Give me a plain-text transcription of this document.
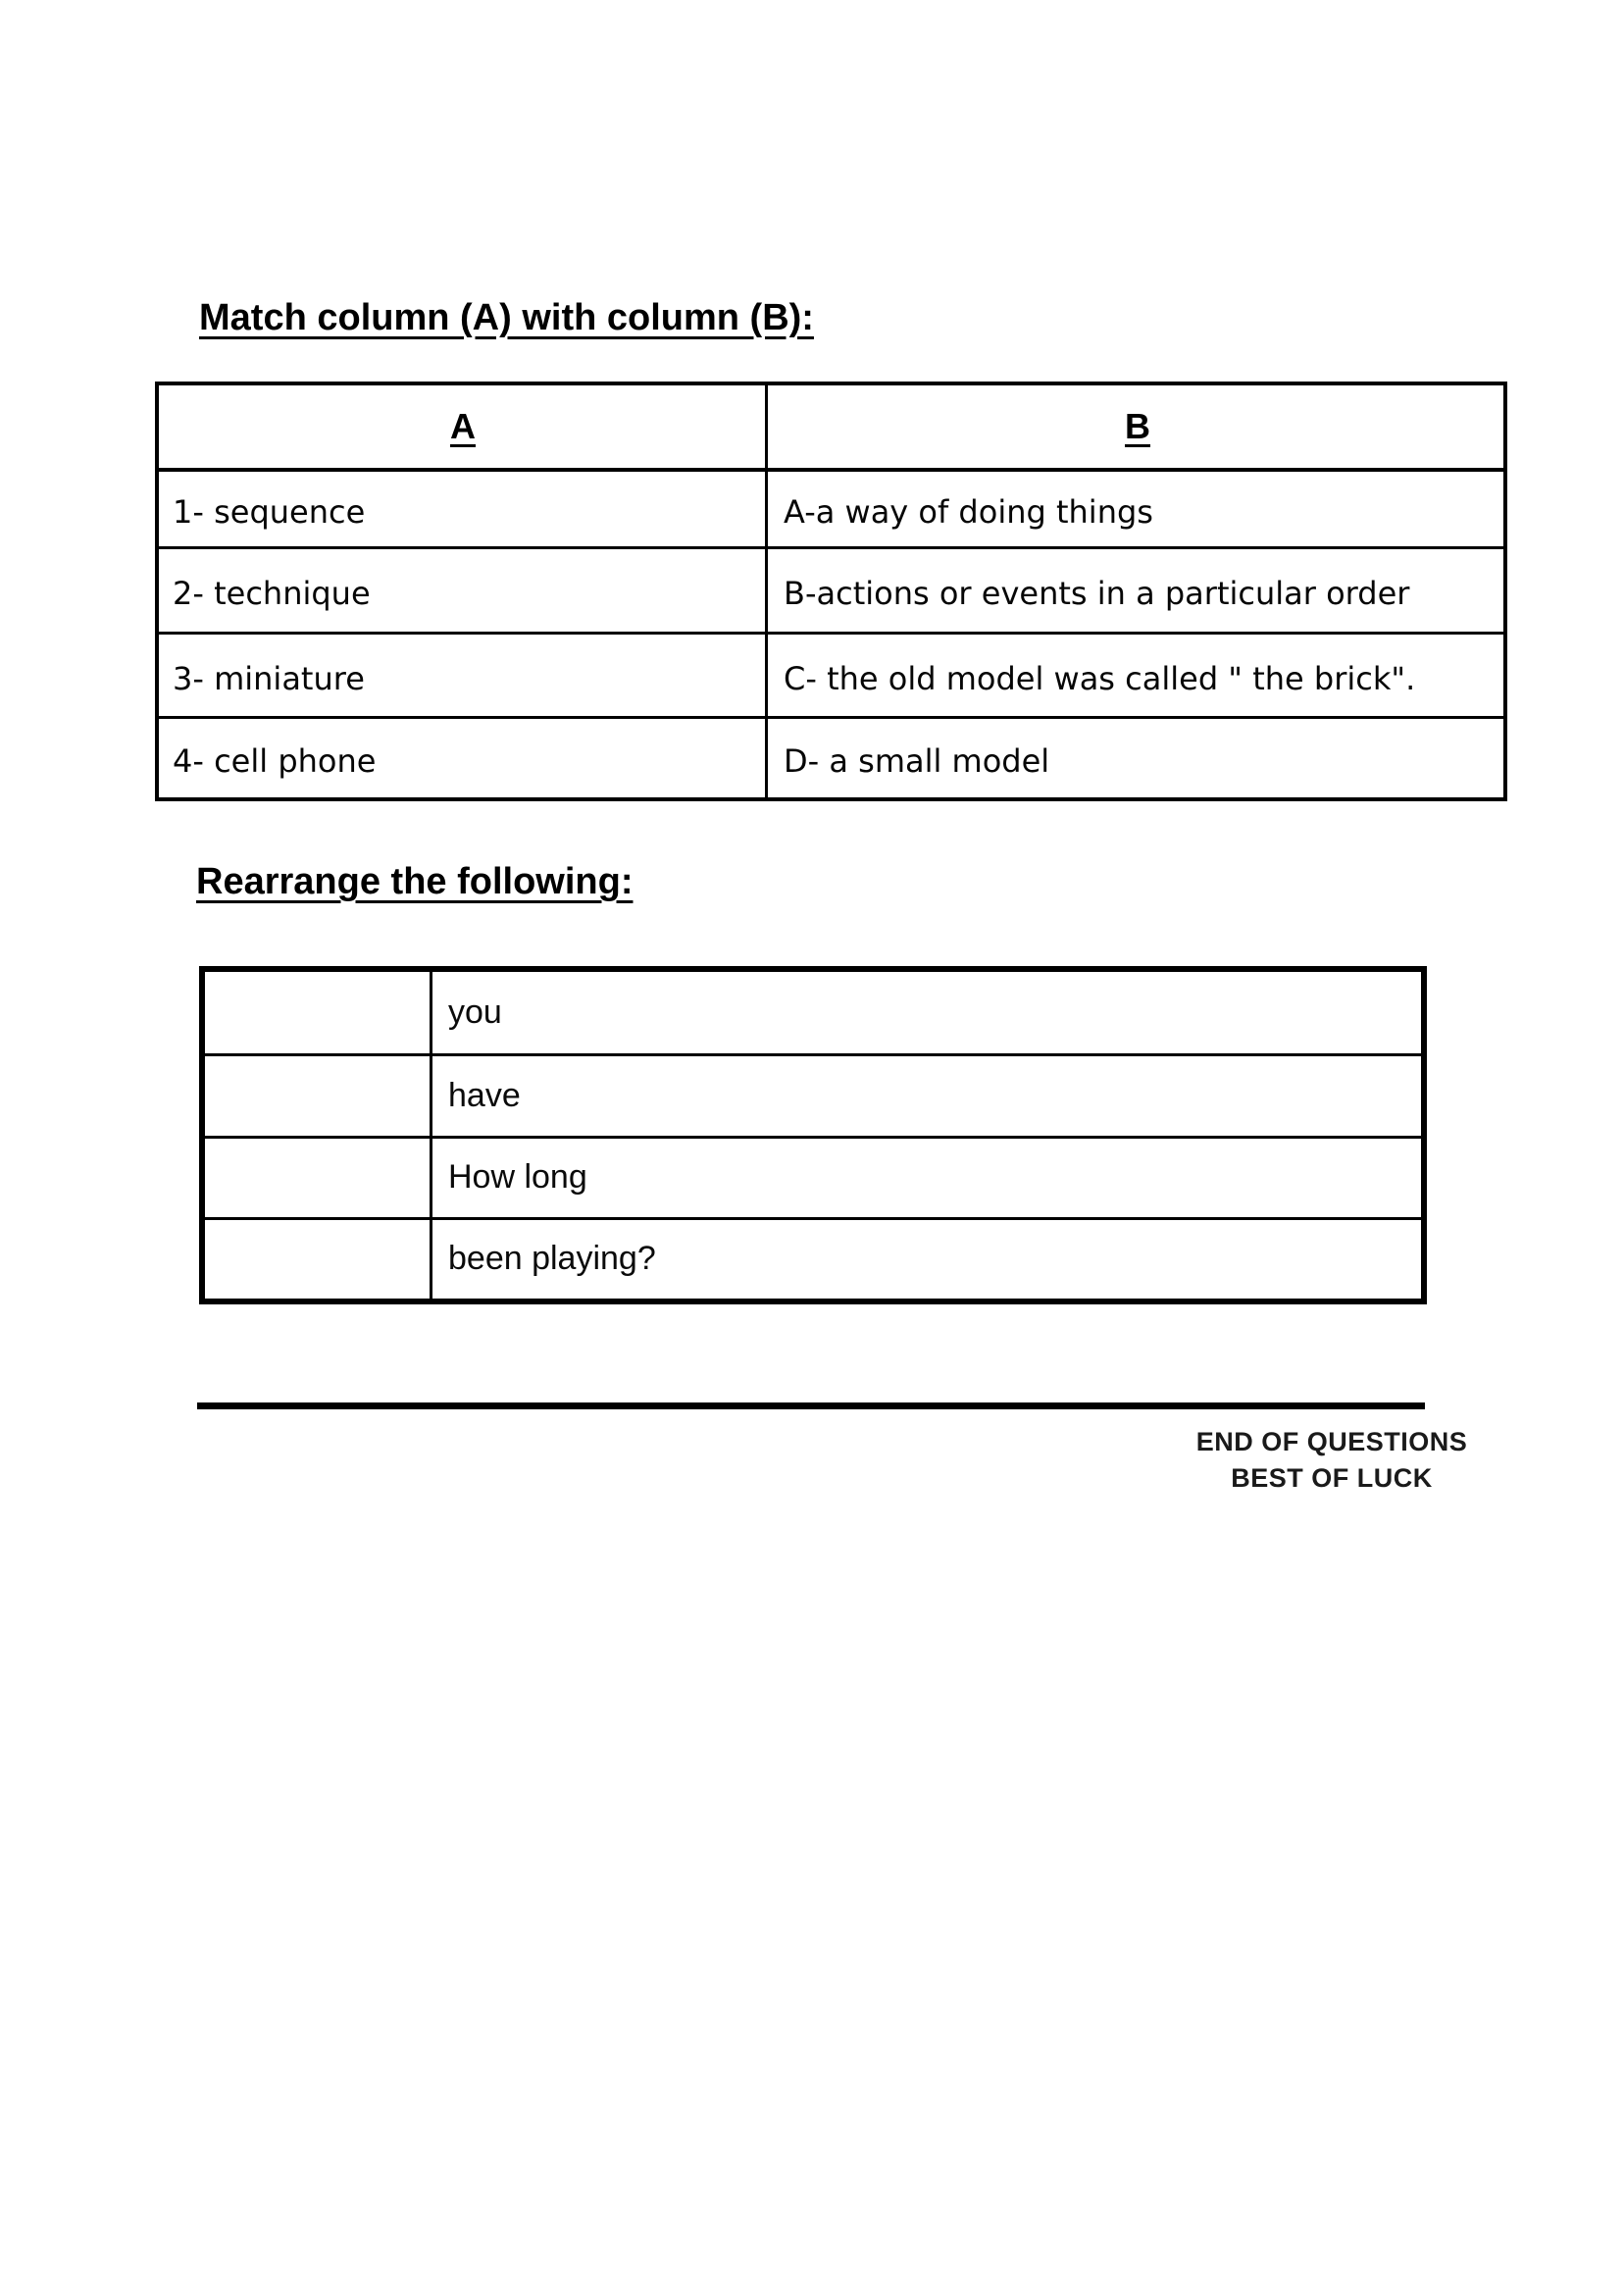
Match column (A) with column (B):
A	B
1- sequence	A-a way of doing things
2- technique	B-actions or events in a particular order
3- miniature	C- the old model was called " the brick".
4- cell phone	D- a small model
Rearrange the following:
you
have
How long
been playing?
END OF QUESTIONS
BEST OF LUCK
